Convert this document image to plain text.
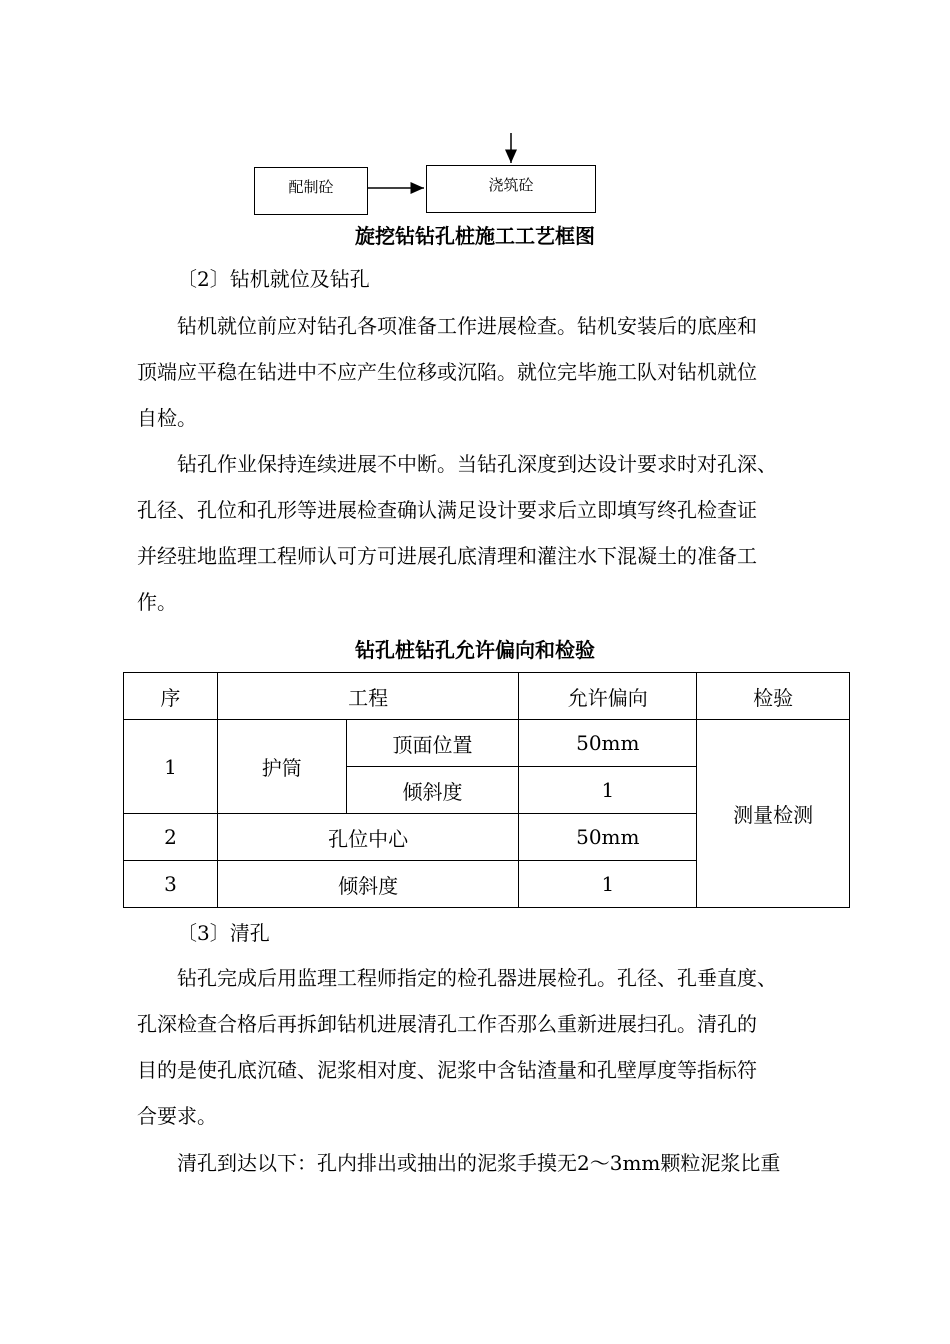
配制砼	浇筑砼
旋挖钻钻孔桩施工工艺框图
〔2〕钻机就位及钻孔
钻机就位前应对钻孔各项准备工作进展检查。钻机安装后的底座和
顶端应平稳在钻进中不应产生位移或沉陷。就位完毕施工队对钻机就位
自检。
钻孔作业保持连续进展不中断。当钻孔深度到达设计要求时对孔深、
孔径、孔位和孔形等进展检查确认满足设计要求后立即填写终孔检查证
并经驻地监理工程师认可方可进展孔底清理和灌注水下混凝土的准备工
作。
钻孔桩钻孔允许偏向和检验
序	工程		允许偏向	检验
1	护筒	顶面位置	50mm	测量检测
		倾斜度	1	
2	孔位中心		50mm	
3	倾斜度		1	
〔3〕清孔
钻孔完成后用监理工程师指定的检孔器进展检孔。孔径、孔垂直度、
孔深检查合格后再拆卸钻机进展清孔工作否那么重新进展扫孔。清孔的
目的是使孔底沉碴、泥浆相对度、泥浆中含钻渣量和孔壁厚度等指标符
合要求。
清孔到达以下：孔内排出或抽出的泥浆手摸无2～3mm颗粒泥浆比重
